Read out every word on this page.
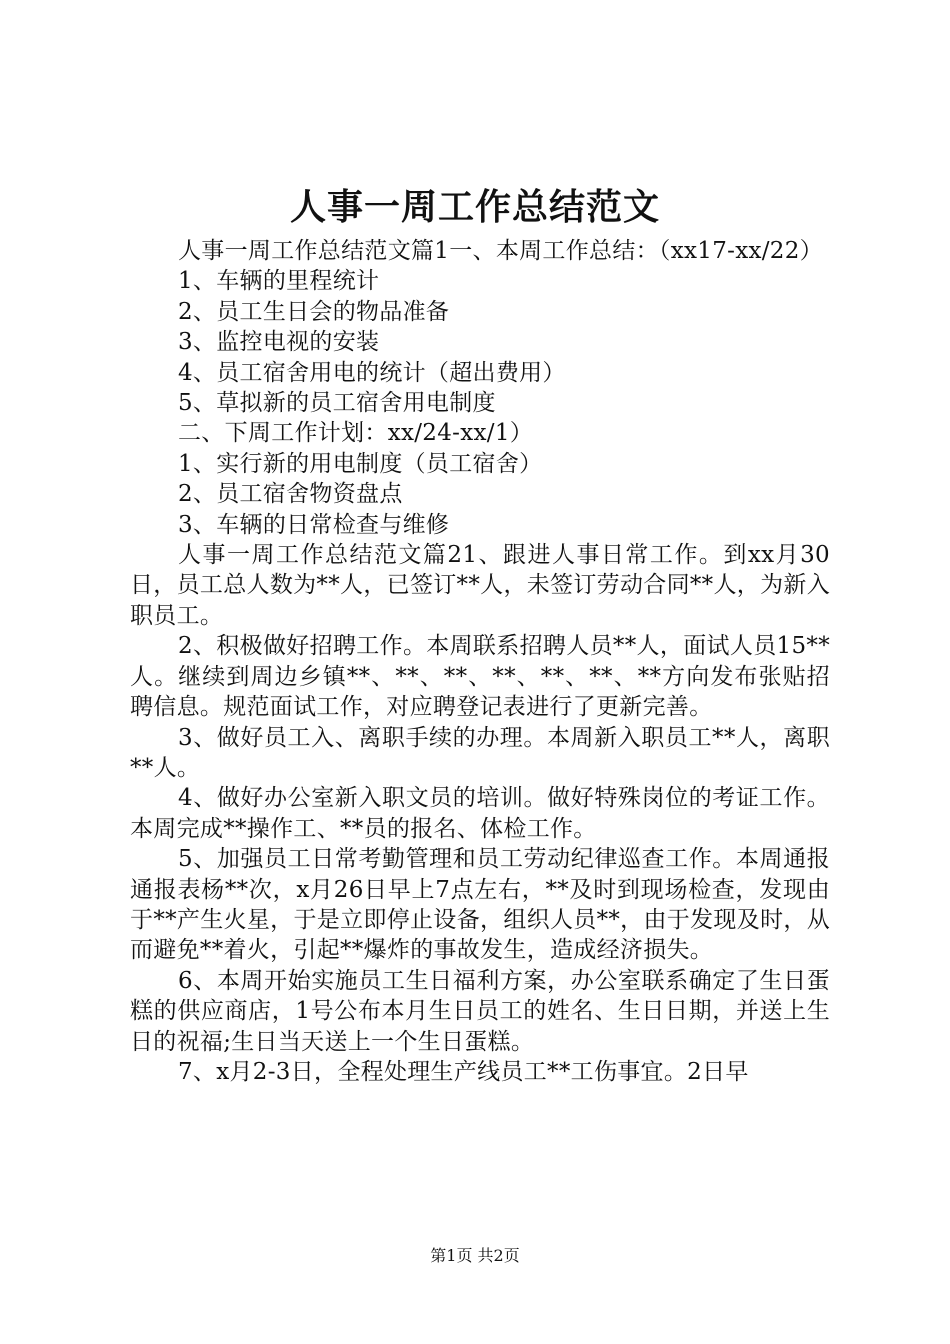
人事一周工作总结范文

人事一周工作总结范文篇1一、本周工作总结：（xx17-xx/22）

1、车辆的里程统计

2、员工生日会的物品准备

3、监控电视的安装

4、员工宿舍用电的统计（超出费用）

5、草拟新的员工宿舍用电制度

二、下周工作计划：xx/24-xx/1）

1、实行新的用电制度（员工宿舍）

2、员工宿舍物资盘点

3、车辆的日常检查与维修

人事一周工作总结范文篇21、跟进人事日常工作。到xx月30日，员工总人数为**人，已签订**人，未签订劳动合同**人，为新入职员工。

2、积极做好招聘工作。本周联系招聘人员**人，面试人员15**人。继续到周边乡镇**、**、**、**、**、**、**方向发布张贴招聘信息。规范面试工作，对应聘登记表进行了更新完善。

3、做好员工入、离职手续的办理。本周新入职员工**人，离职**人。

4、做好办公室新入职文员的培训。做好特殊岗位的考证工作。本周完成**操作工、**员的报名、体检工作。

5、加强员工日常考勤管理和员工劳动纪律巡查工作。本周通报通报表杨**次，x月26日早上7点左右，**及时到现场检查，发现由于**产生火星，于是立即停止设备，组织人员**，由于发现及时，从而避免**着火，引起**爆炸的事故发生，造成经济损失。

6、本周开始实施员工生日福利方案，办公室联系确定了生日蛋糕的供应商店，1号公布本月生日员工的姓名、生日日期，并送上生日的祝福;生日当天送上一个生日蛋糕。

7、x月2-3日，全程处理生产线员工**工伤事宜。2日早

第1页 共2页
